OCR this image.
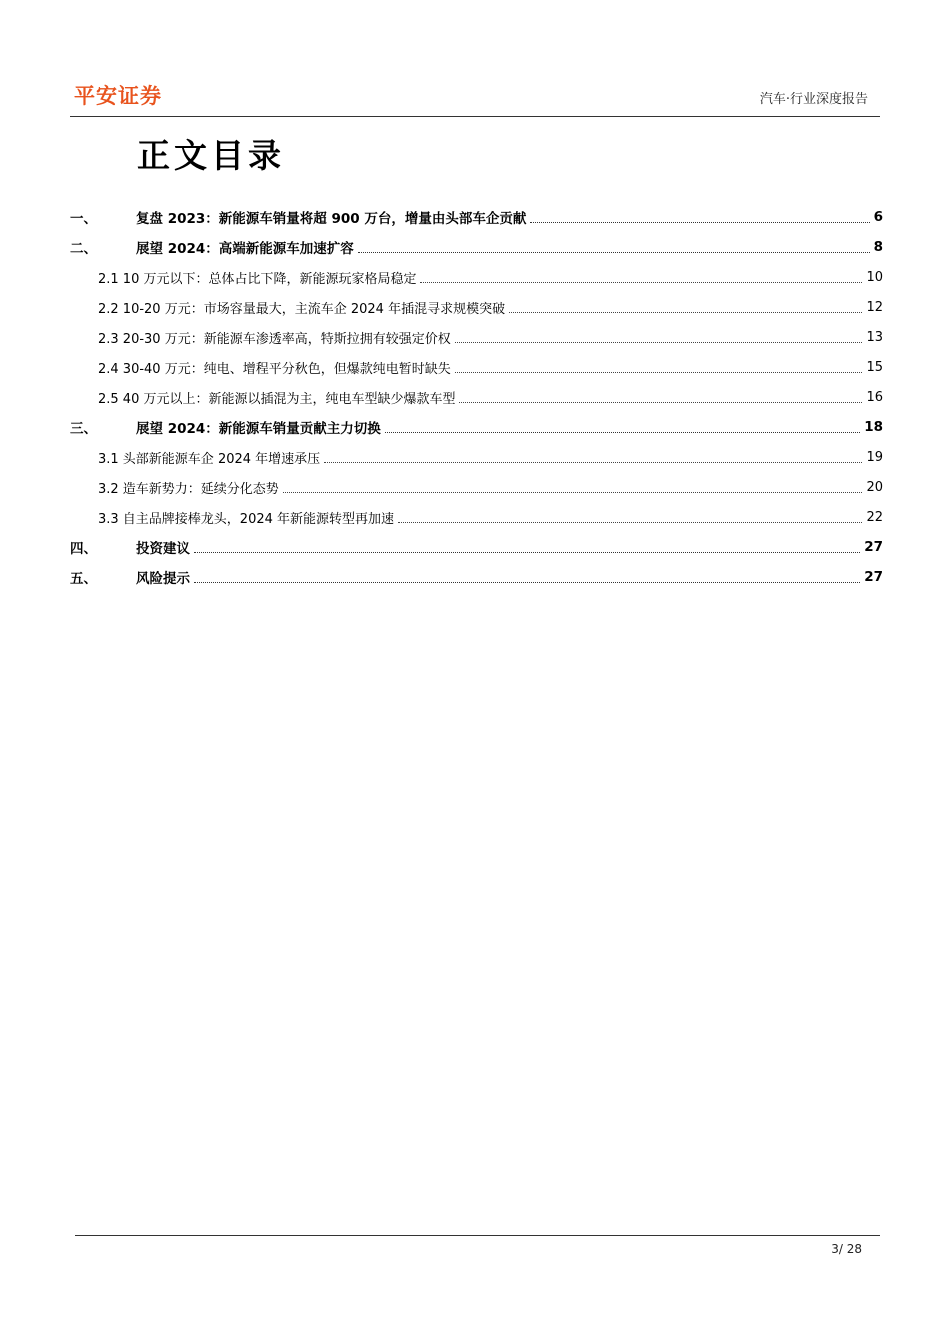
平安证券	汽车·行业深度报告
正文目录
一、	复盘 2023：新能源车销量将超 900 万台，增量由头部车企贡献	6
二、	展望 2024：高端新能源车加速扩容	8
2.1 10 万元以下：总体占比下降，新能源玩家格局稳定	10
2.2 10-20 万元：市场容量最大，主流车企 2024 年插混寻求规模突破	12
2.3 20-30 万元：新能源车渗透率高，特斯拉拥有较强定价权	13
2.4 30-40 万元：纯电、增程平分秋色，但爆款纯电暂时缺失	15
2.5 40 万元以上：新能源以插混为主，纯电车型缺少爆款车型	16
三、	展望 2024：新能源车销量贡献主力切换	18
3.1 头部新能源车企 2024 年增速承压	19
3.2 造车新势力：延续分化态势	20
3.3 自主品牌接棒龙头，2024 年新能源转型再加速	22
四、	投资建议	27
五、	风险提示	27
3/ 28
